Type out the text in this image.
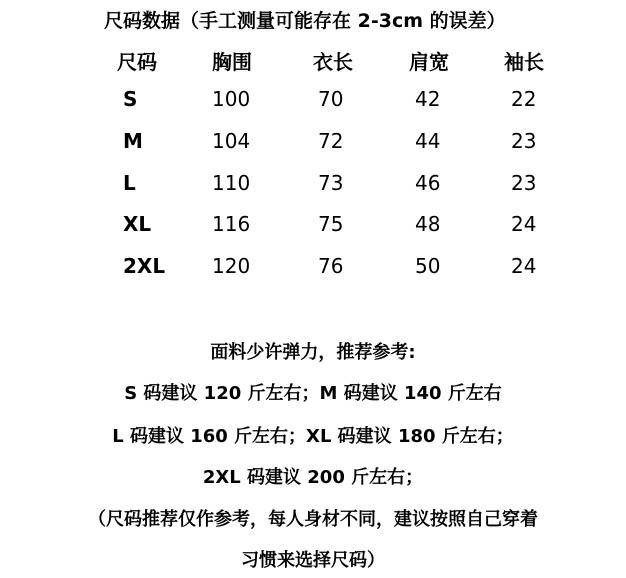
尺码数据（手工测量可能存在 2-3cm 的误差）
尺码	胸围	衣长	肩宽	袖长
S	100	70	42	22
M	104	72	44	23
L	110	73	46	23
XL	116	75	48	24
2XL 120	76	50	24
面料少许弹力，推荐参考:
S 码建议 120 斤左右；M 码建议 140 斤左右
L 码建议 160 斤左右；XL 码建议 180 斤左右；
2XL 码建议 200 斤左右；
（尺码推荐仅作参考，每人身材不同，建议按照自己穿着
习惯来选择尺码）
